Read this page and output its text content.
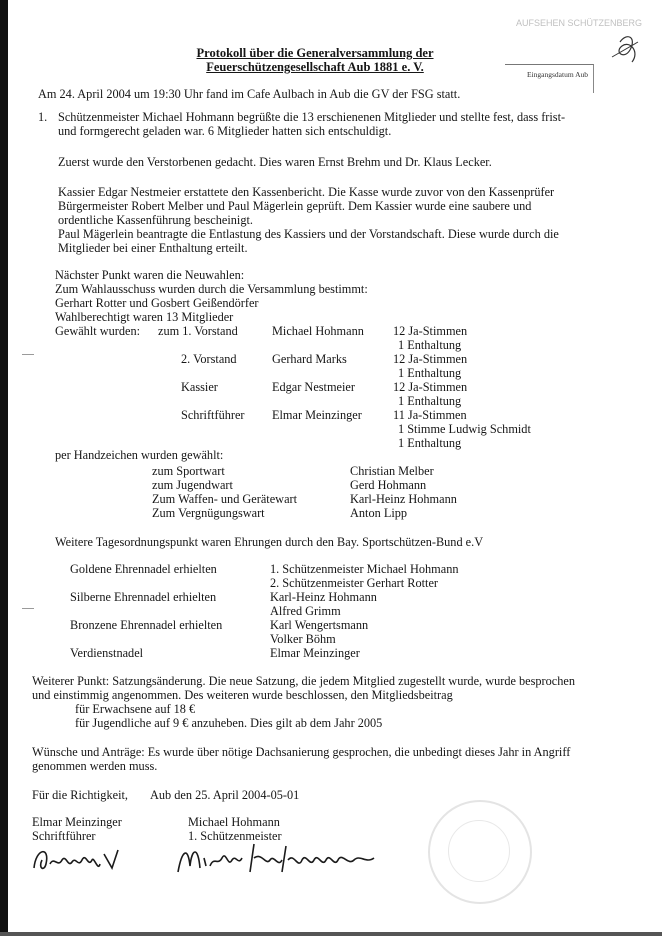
AUFSEHEN SCHÜTZENBERG
Eingangsdatum Aub
Protokoll über die Generalversammlung der
Feuerschützengesellschaft Aub 1881 e. V.
Am 24. April 2004 um 19:30 Uhr fand im Cafe Aulbach in Aub die GV der FSG statt.
1. Schützenmeister Michael Hohmann begrüßte die 13 erschienenen Mitglieder und stellte fest, dass frist-
und formgerecht geladen war. 6 Mitglieder hatten sich entschuldigt.
Zuerst wurde den Verstorbenen gedacht. Dies waren Ernst Brehm und Dr. Klaus Lecker.
Kassier Edgar Nestmeier erstattete den Kassenbericht. Die Kasse wurde zuvor von den Kassenprüfer
Bürgermeister Robert Melber und Paul Mägerlein geprüft. Dem Kassier wurde eine saubere und
ordentliche Kassenführung bescheinigt.
Paul Mägerlein beantragte die Entlastung des Kassiers und der Vorstandschaft. Diese wurde durch die
Mitglieder bei einer Enthaltung erteilt.
Nächster Punkt waren die Neuwahlen:
Zum Wahlausschuss wurden durch die Versammlung bestimmt:
Gerhart Rotter und Gosbert Geißendörfer
Wahlberechtigt waren 13 Mitglieder
Gewählt wurden: zum 1. Vorstand	Michael Hohmann 12 Ja-Stimmen
1 Enthaltung
2. Vorstand	Gerhard Marks	12 Ja-Stimmen
1 Enthaltung
Kassier	Edgar Nestmeier	12 Ja-Stimmen
1 Enthaltung
Schriftführer Elmar Meinzinger	11 Ja-Stimmen
1 Stimme Ludwig Schmidt
1 Enthaltung
per Handzeichen wurden gewählt:
zum Sportwart	Christian Melber
zum Jugendwart	Gerd Hohmann
Zum Waffen- und Gerätewart	Karl-Heinz Hohmann
Zum Vergnügungswart	Anton Lipp
Weitere Tagesordnungspunkt waren Ehrungen durch den Bay. Sportschützen-Bund e.V
Goldene Ehrennadel erhielten	1. Schützenmeister Michael Hohmann
2. Schützenmeister Gerhart Rotter
Silberne Ehrennadel erhielten	Karl-Heinz Hohmann
Alfred Grimm
Bronzene Ehrennadel erhielten	Karl Wengertsmann
Volker Böhm
Verdienstnadel	Elmar Meinzinger
Weiterer Punkt: Satzungsänderung. Die neue Satzung, die jedem Mitglied zugestellt wurde, wurde besprochen
und einstimmig angenommen. Des weiteren wurde beschlossen, den Mitgliedsbeitrag
für Erwachsene auf 18 €
für Jugendliche auf 9 € anzuheben. Dies gilt ab dem Jahr 2005
Wünsche und Anträge: Es wurde über nötige Dachsanierung gesprochen, die unbedingt dieses Jahr in Angriff
genommen werden muss.
Für die Richtigkeit, Aub den 25. April 2004-05-01
Elmar Meinzinger
Schriftführer
Michael Hohmann
1. Schützenmeister
